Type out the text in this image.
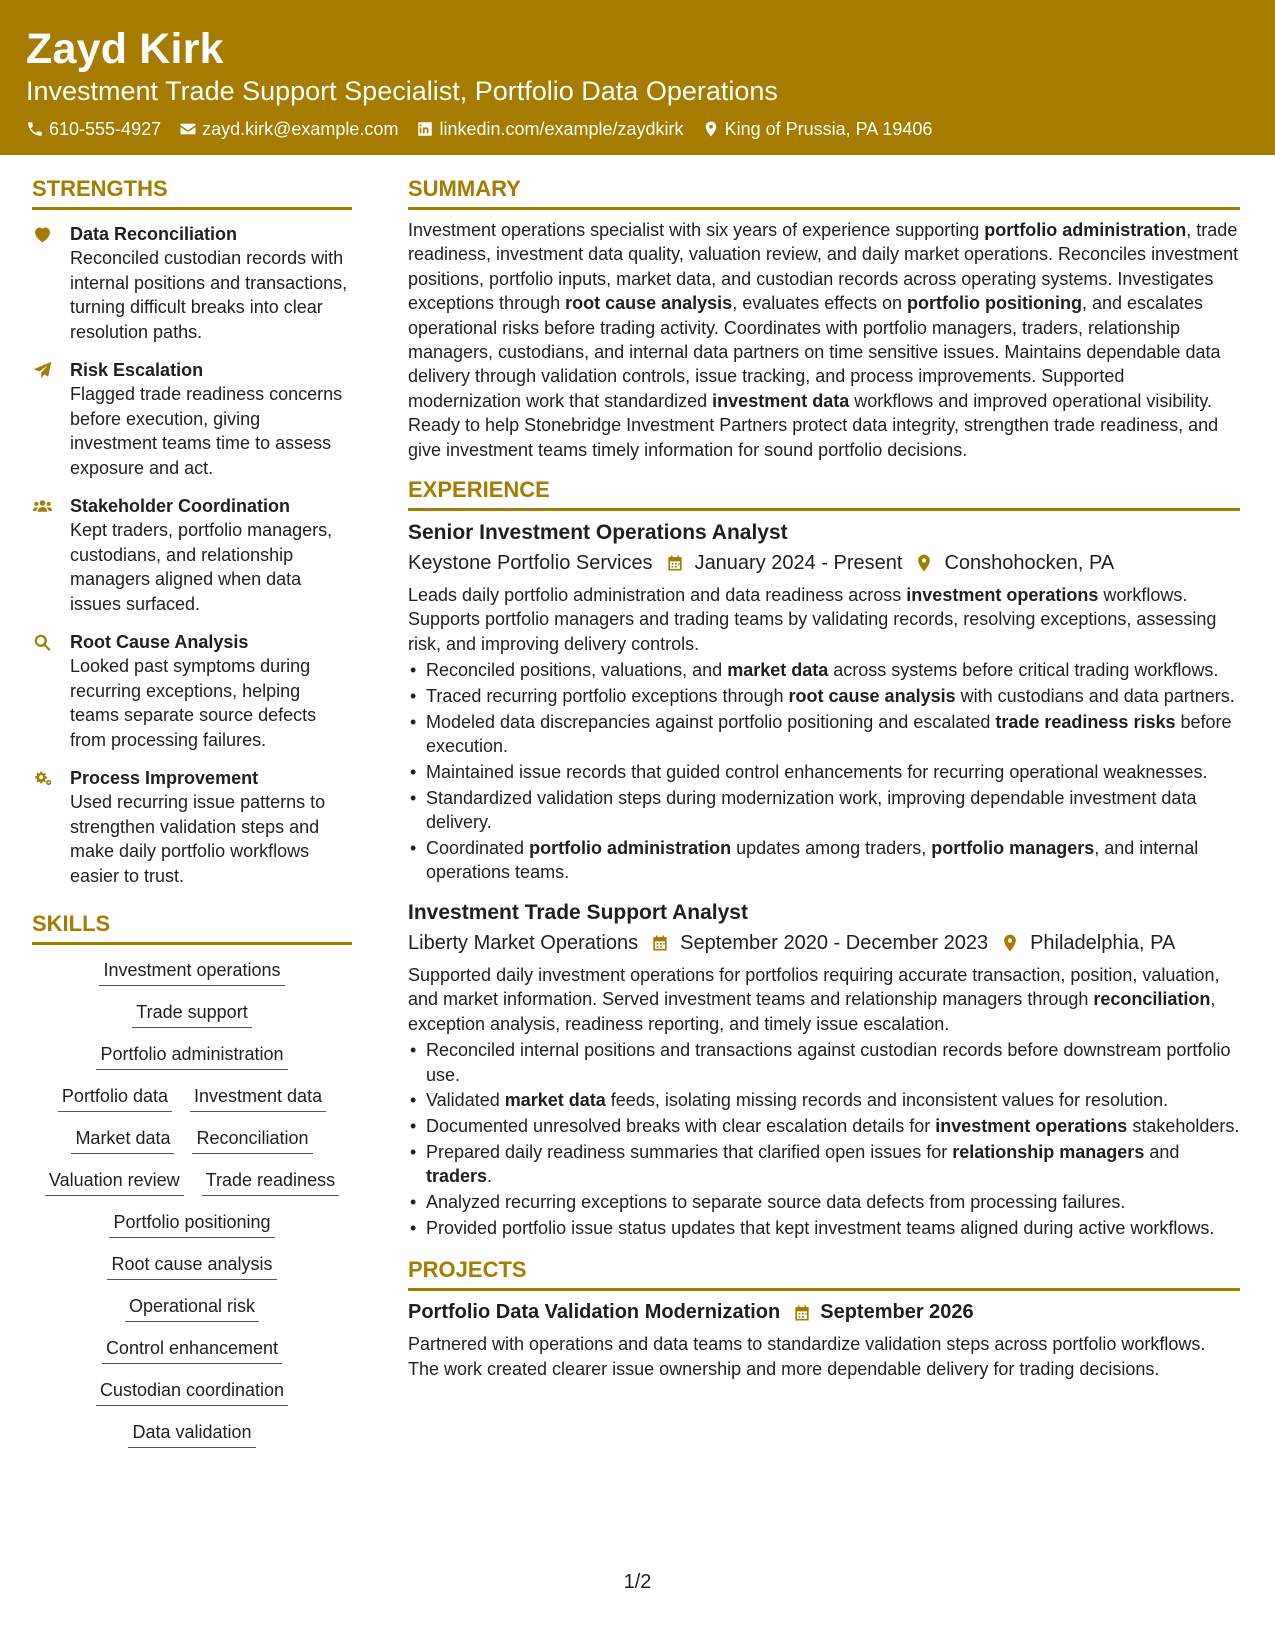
Zayd Kirk
Investment Trade Support Specialist, Portfolio Data Operations
610-555-4927 zayd.kirk@example.com linkedin.com/example/zaydkirk King of Prussia, PA 19406
STRENGTHS
Data Reconciliation
Reconciled custodian records with internal positions and transactions, turning difficult breaks into clear resolution paths.
Risk Escalation
Flagged trade readiness concerns before execution, giving investment teams time to assess exposure and act.
Stakeholder Coordination
Kept traders, portfolio managers, custodians, and relationship managers aligned when data issues surfaced.
Root Cause Analysis
Looked past symptoms during recurring exceptions, helping teams separate source defects from processing failures.
Process Improvement
Used recurring issue patterns to strengthen validation steps and make daily portfolio workflows easier to trust.
SKILLS
Investment operations
Trade support
Portfolio administration
Portfolio data Investment data
Market data Reconciliation
Valuation review Trade readiness
Portfolio positioning
Root cause analysis
Operational risk
Control enhancement
Custodian coordination
Data validation
SUMMARY
Investment operations specialist with six years of experience supporting portfolio administration, trade readiness, investment data quality, valuation review, and daily market operations. Reconciles investment positions, portfolio inputs, market data, and custodian records across operating systems. Investigates exceptions through root cause analysis, evaluates effects on portfolio positioning, and escalates operational risks before trading activity. Coordinates with portfolio managers, traders, relationship managers, custodians, and internal data partners on time sensitive issues. Maintains dependable data delivery through validation controls, issue tracking, and process improvements. Supported modernization work that standardized investment data workflows and improved operational visibility. Ready to help Stonebridge Investment Partners protect data integrity, strengthen trade readiness, and give investment teams timely information for sound portfolio decisions.
EXPERIENCE
Senior Investment Operations Analyst
Keystone Portfolio Services January 2024 - Present Conshohocken, PA
Leads daily portfolio administration and data readiness across investment operations workflows. Supports portfolio managers and trading teams by validating records, resolving exceptions, assessing risk, and improving delivery controls.
• Reconciled positions, valuations, and market data across systems before critical trading workflows.
• Traced recurring portfolio exceptions through root cause analysis with custodians and data partners.
• Modeled data discrepancies against portfolio positioning and escalated trade readiness risks before execution.
• Maintained issue records that guided control enhancements for recurring operational weaknesses.
• Standardized validation steps during modernization work, improving dependable investment data delivery.
• Coordinated portfolio administration updates among traders, portfolio managers, and internal operations teams.
Investment Trade Support Analyst
Liberty Market Operations September 2020 - December 2023 Philadelphia, PA
Supported daily investment operations for portfolios requiring accurate transaction, position, valuation, and market information. Served investment teams and relationship managers through reconciliation, exception analysis, readiness reporting, and timely issue escalation.
• Reconciled internal positions and transactions against custodian records before downstream portfolio use.
• Validated market data feeds, isolating missing records and inconsistent values for resolution.
• Documented unresolved breaks with clear escalation details for investment operations stakeholders.
• Prepared daily readiness summaries that clarified open issues for relationship managers and traders.
• Analyzed recurring exceptions to separate source data defects from processing failures.
• Provided portfolio issue status updates that kept investment teams aligned during active workflows.
PROJECTS
Portfolio Data Validation Modernization September 2026
Partnered with operations and data teams to standardize validation steps across portfolio workflows. The work created clearer issue ownership and more dependable delivery for trading decisions.
1/2
